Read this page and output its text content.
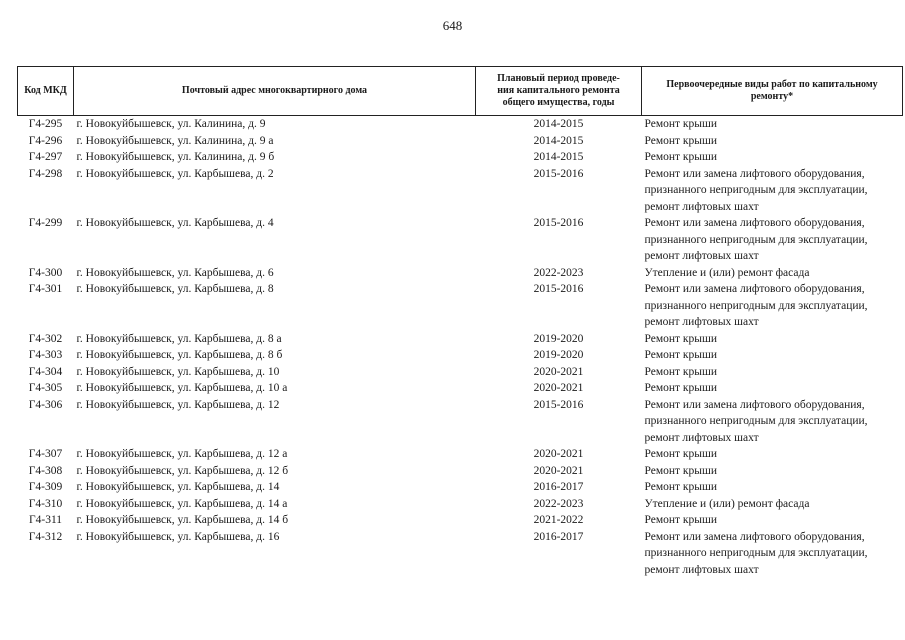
648
Код МКД	Почтовый адрес многоквартирного дома	Плановый период проведе-
ния капитального ремонта
общего имущества, годы	Первоочередные виды работ по капитальному
ремонту*

Г4-295	г. Новокуйбышевск, ул. Калинина, д. 9	2014-2015	Ремонт крыши

Г4-296	г. Новокуйбышевск, ул. Калинина, д. 9 а	2014-2015	Ремонт крыши

Г4-297	г. Новокуйбышевск, ул. Калинина, д. 9 б	2014-2015	Ремонт крыши

Г4-298	г. Новокуйбышевск, ул. Карбышева, д. 2	2015-2016	Ремонт или замена лифтового оборудования,
признанного непригодным для эксплуатации,
ремонт лифтовых шахт

Г4-299	г. Новокуйбышевск, ул. Карбышева, д. 4	2015-2016	Ремонт или замена лифтового оборудования,
признанного непригодным для эксплуатации,
ремонт лифтовых шахт

Г4-300	г. Новокуйбышевск, ул. Карбышева, д. 6	2022-2023	Утепление и (или) ремонт фасада

Г4-301	г. Новокуйбышевск, ул. Карбышева, д. 8	2015-2016	Ремонт или замена лифтового оборудования,
признанного непригодным для эксплуатации,
ремонт лифтовых шахт

Г4-302	г. Новокуйбышевск, ул. Карбышева, д. 8 а	2019-2020	Ремонт крыши

Г4-303	г. Новокуйбышевск, ул. Карбышева, д. 8 б	2019-2020	Ремонт крыши

Г4-304	г. Новокуйбышевск, ул. Карбышева, д. 10	2020-2021	Ремонт крыши

Г4-305	г. Новокуйбышевск, ул. Карбышева, д. 10 а	2020-2021	Ремонт крыши

Г4-306	г. Новокуйбышевск, ул. Карбышева, д. 12	2015-2016	Ремонт или замена лифтового оборудования,
признанного непригодным для эксплуатации,
ремонт лифтовых шахт

Г4-307	г. Новокуйбышевск, ул. Карбышева, д. 12 а	2020-2021	Ремонт крыши

Г4-308	г. Новокуйбышевск, ул. Карбышева, д. 12 б	2020-2021	Ремонт крыши

Г4-309	г. Новокуйбышевск, ул. Карбышева, д. 14	2016-2017	Ремонт крыши

Г4-310	г. Новокуйбышевск, ул. Карбышева, д. 14 а	2022-2023	Утепление и (или) ремонт фасада

Г4-311	г. Новокуйбышевск, ул. Карбышева, д. 14 б	2021-2022	Ремонт крыши

Г4-312	г. Новокуйбышевск, ул. Карбышева, д. 16	2016-2017	Ремонт или замена лифтового оборудования,
признанного непригодным для эксплуатации,
ремонт лифтовых шахт
